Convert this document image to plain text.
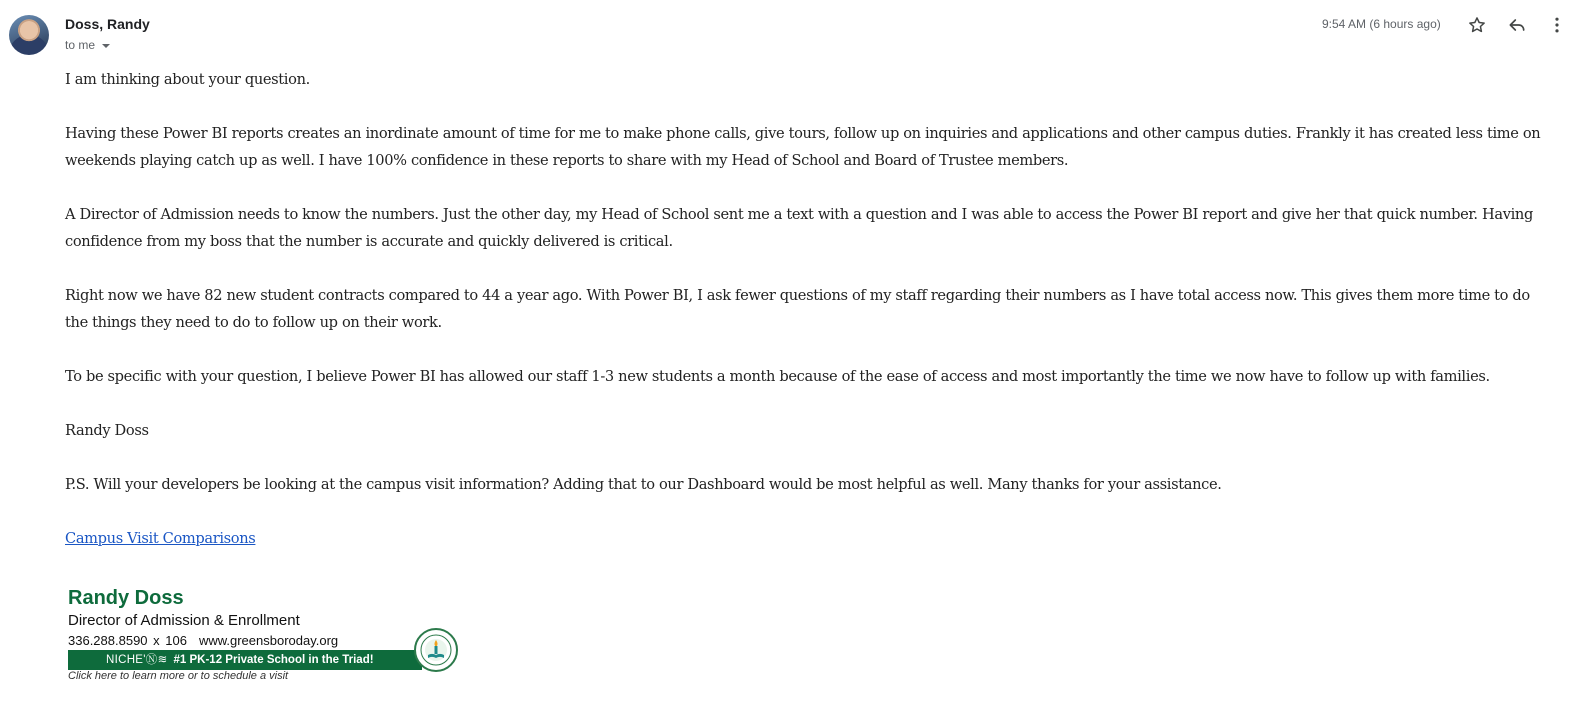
Doss, Randy
to me
9:54 AM (6 hours ago)

I am thinking about your question.

Having these Power BI reports creates an inordinate amount of time for me to make phone calls, give tours, follow up on inquiries and applications and other campus duties. Frankly it has created less time on weekends playing catch up as well. I have 100% confidence in these reports to share with my Head of School and Board of Trustee members.

A Director of Admission needs to know the numbers. Just the other day, my Head of School sent me a text with a question and I was able to access the Power BI report and give her that quick number. Having confidence from my boss that the number is accurate and quickly delivered is critical.

Right now we have 82 new student contracts compared to 44 a year ago. With Power BI, I ask fewer questions of my staff regarding their numbers as I have total access now. This gives them more time to do the things they need to do to follow up on their work.

To be specific with your question, I believe Power BI has allowed our staff 1-3 new students a month because of the ease of access and most importantly the time we now have to follow up with families.

Randy Doss

P.S. Will your developers be looking at the campus visit information? Adding that to our Dashboard would be most helpful as well. Many thanks for your assistance.

Campus Visit Comparisons

Randy Doss
Director of Admission & Enrollment
336.288.8590 x 106 www.greensboroday.org
NICHE'Ⓝ≋ #1 PK-12 Private School in the Triad!
Click here to learn more or to schedule a visit
